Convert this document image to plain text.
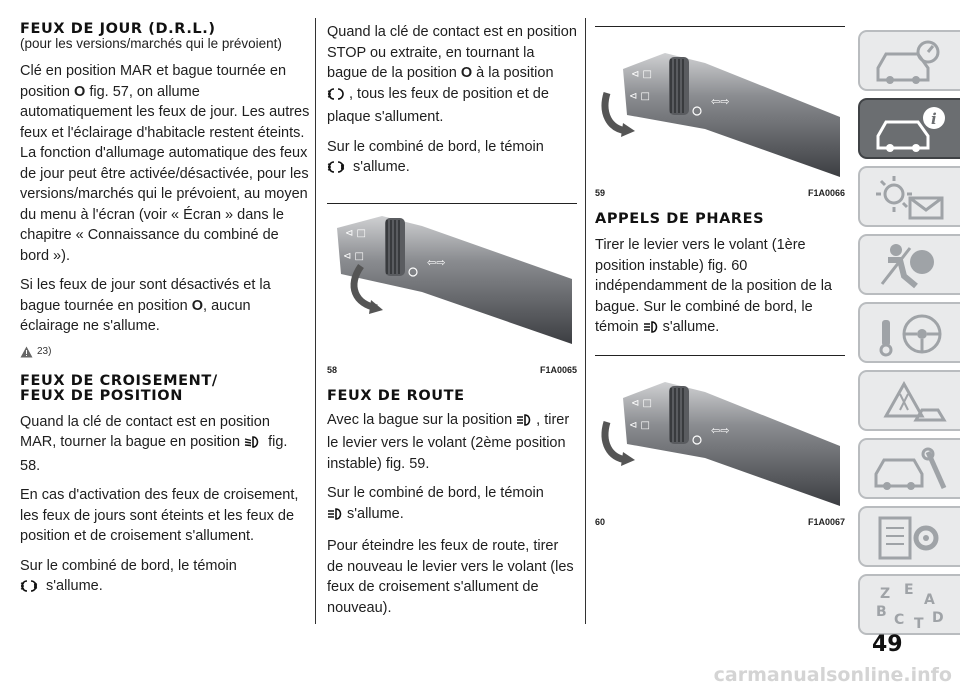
FEUX DE JOUR (D.R.L.)
(pour les versions/marchés qui le prévoient)

Clé en position MAR et bague tournée en position O fig. 57, on allume automatiquement les feux de jour. Les autres feux et l'éclairage d'habitacle restent éteints. La fonction d'allumage automatique des feux de jour peut être activée/désactivée, pour les versions/marchés qui le prévoient, au moyen du menu à l'écran (voir « Écran » dans le chapitre « Connaissance du combiné de bord »).

Si les feux de jour sont désactivés et la bague tournée en position O, aucun éclairage ne s'allume.

23)
FEUX DE CROISEMENT/
FEUX DE POSITION

Quand la clé de contact est en position MAR, tourner la bague en position  fig. 58.

En cas d'activation des feux de croisement, les feux de jours sont éteints et les feux de position et de croisement s'allument.

Sur le combiné de bord, le témoin
s'allume.

Quand la clé de contact est en position STOP ou extraite, en tournant la bague de la position O à la position , tous les feux de position et de plaque s'allument.

Sur le combiné de bord, le témoin
s'allume.

⊲ □
⊲ □	⇦⇨
58	F1A0065
FEUX DE ROUTE

Avec la bague sur la position , tirer le levier vers le volant (2ème position instable) fig. 59.

Sur le combiné de bord, le témoin
s'allume.

Pour éteindre les feux de route, tirer de nouveau le levier vers le volant (les feux de croisement s'allument de nouveau).

⊲ □
⊲ □	⇦⇨
59	F1A0066
APPELS DE PHARES

Tirer le levier vers le volant (1ère position instable) fig. 60 indépendamment de la position de la bague. Sur le combiné de bord, le témoin s'allume.

⊲ □
⊲ □	⇦⇨
60	F1A0067
i
Z E
A
B C T D
49
carmanualsonline.info
